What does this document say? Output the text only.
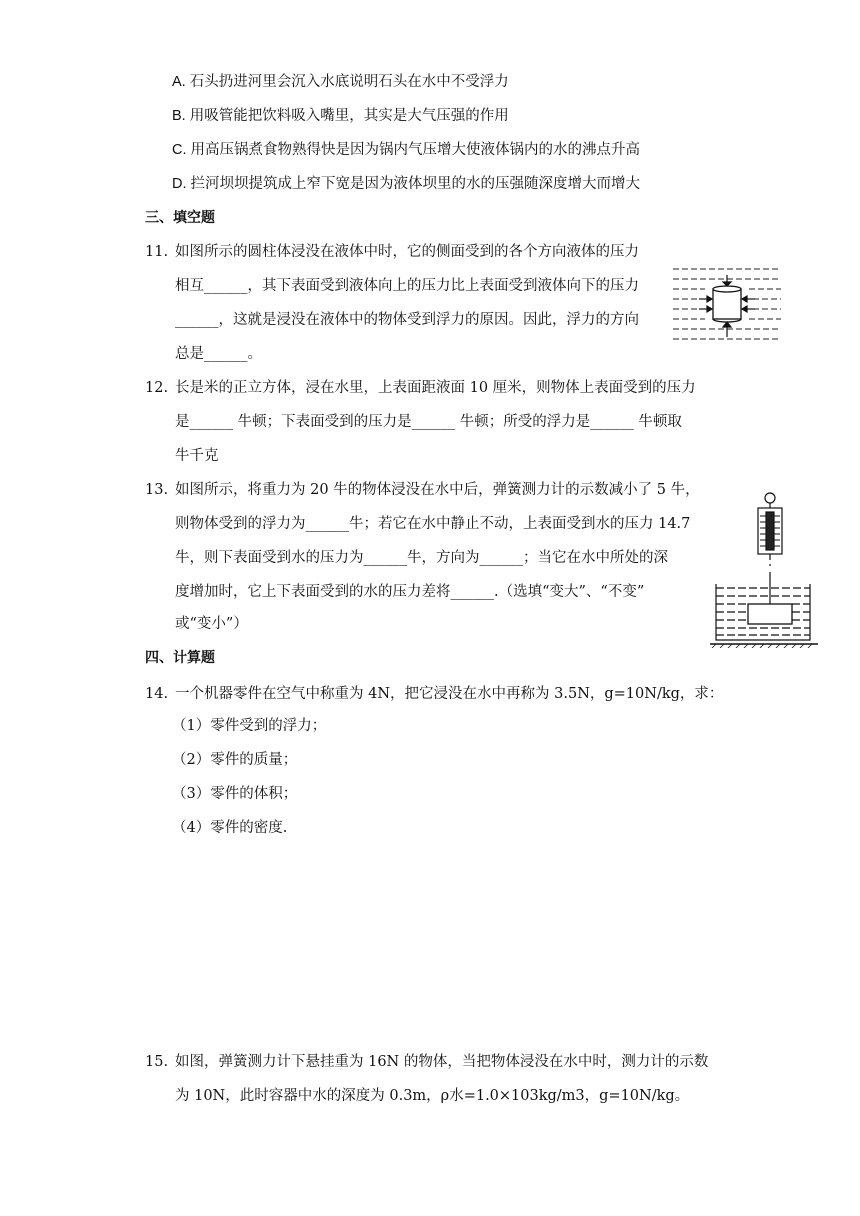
A. 石头扔进河里会沉入水底说明石头在水中不受浮力
B. 用吸管能把饮料吸入嘴里，其实是大气压强的作用
C. 用高压锅煮食物熟得快是因为锅内气压增大使液体锅内的水的沸点升高
D. 拦河坝坝提筑成上窄下宽是因为液体坝里的水的压强随深度增大而增大
三、填空题
11. 如图所示的圆柱体浸没在液体中时，它的侧面受到的各个方向液体的压力
相互______，其下表面受到液体向上的压力比上表面受到液体向下的压力
______，这就是浸没在液体中的物体受到浮力的原因。因此，浮力的方向
总是______。
12. 长是米的正立方体，浸在水里，上表面距液面 10 厘米，则物体上表面受到的压力
是______ 牛顿；下表面受到的压力是______ 牛顿；所受的浮力是______ 牛顿取
牛千克
13. 如图所示，将重力为 20 牛的物体浸没在水中后，弹簧测力计的示数减小了 5 牛，
则物体受到的浮力为______牛；若它在水中静止不动，上表面受到水的压力 14.7
牛，则下表面受到水的压力为______牛，方向为______；当它在水中所处的深
度增加时，它上下表面受到的水的压力差将______.（选填“变大”、“不变”
或“变小”）
四、计算题
14. 一个机器零件在空气中称重为 4N，把它浸没在水中再称为 3.5N，g=10N/kg，求：
（1）零件受到的浮力；
（2）零件的质量；
（3）零件的体积；
（4）零件的密度.
15. 如图，弹簧测力计下悬挂重为 16N 的物体，当把物体浸没在水中时，测力计的示数
为 10N，此时容器中水的深度为 0.3m，ρ水=1.0×103kg/m3，g=10N/kg。
